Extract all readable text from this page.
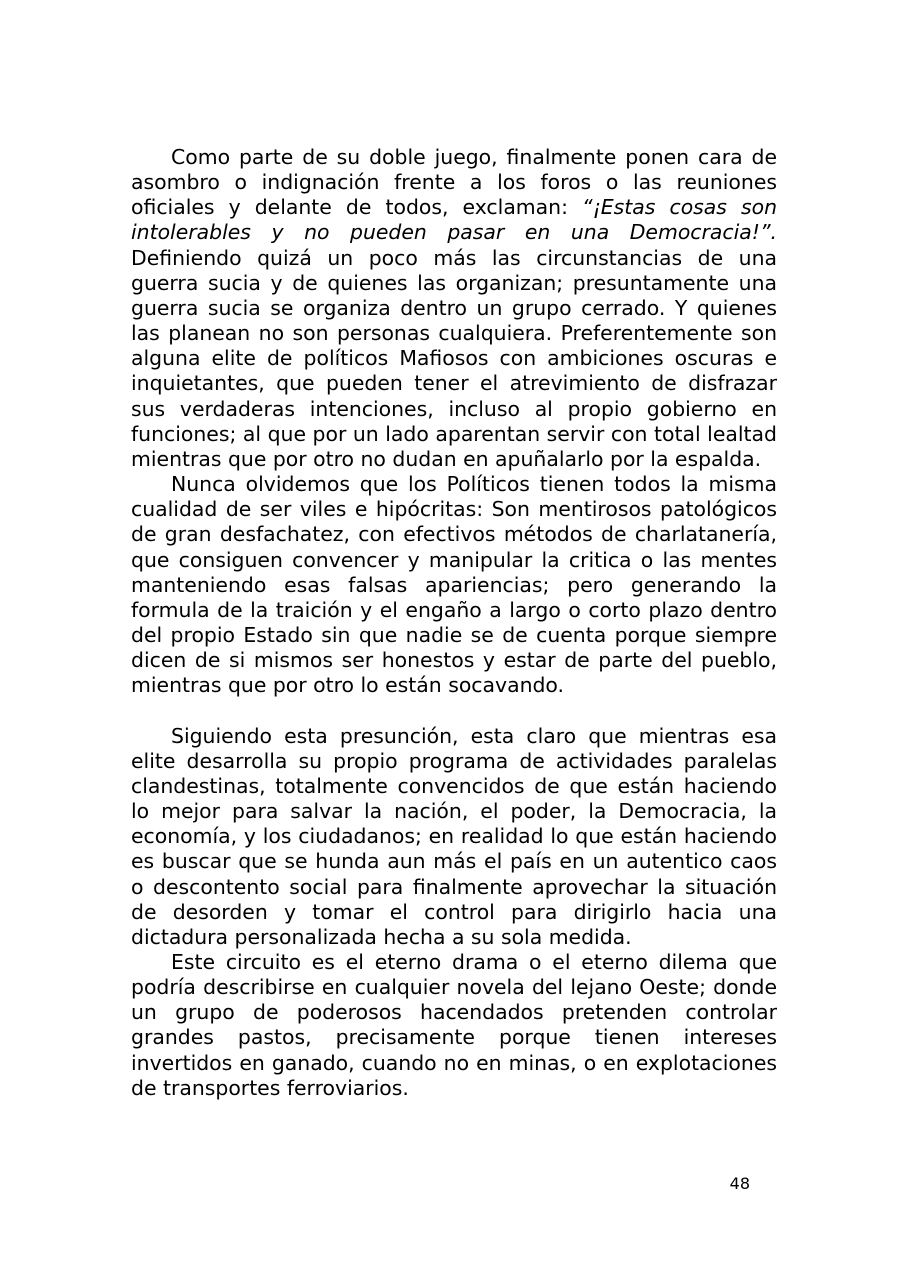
Como parte de su doble juego, finalmente ponen cara de asombro o indignación frente a los foros o las reuniones oficiales y delante de todos, exclaman: “¡Estas cosas son intolerables y no pueden pasar en una Democracia!”. Definiendo quizá un poco más las circunstancias de una guerra sucia y de quienes las organizan; presuntamente una guerra sucia se organiza dentro un grupo cerrado. Y quienes las planean no son personas cualquiera. Preferentemente son alguna elite de políticos Mafiosos con ambiciones oscuras e inquietantes, que pueden tener el atrevimiento de disfrazar sus verdaderas intenciones, incluso al propio gobierno en funciones; al que por un lado aparentan servir con total lealtad mientras que por otro no dudan en apuñalarlo por la espalda.

Nunca olvidemos que los Políticos tienen todos la misma cualidad de ser viles e hipócritas: Son mentirosos patológicos de gran desfachatez, con efectivos métodos de charlatanería, que consiguen convencer y manipular la critica o las mentes manteniendo esas falsas apariencias; pero generando la formula de la traición y el engaño a largo o corto plazo dentro del propio Estado sin que nadie se de cuenta porque siempre dicen de si mismos ser honestos y estar de parte del pueblo, mientras que por otro lo están socavando.

Siguiendo esta presunción, esta claro que mientras esa elite desarrolla su propio programa de actividades paralelas clandestinas, totalmente convencidos de que están haciendo lo mejor para salvar la nación, el poder, la Democracia, la economía, y los ciudadanos; en realidad lo que están haciendo es buscar que se hunda aun más el país en un autentico caos o descontento social para finalmente aprovechar la situación de desorden y tomar el control para dirigirlo hacia una dictadura personalizada hecha a su sola medida.

Este circuito es el eterno drama o el eterno dilema que podría describirse en cualquier novela del lejano Oeste; donde un grupo de poderosos hacendados pretenden controlar grandes pastos, precisamente porque tienen intereses invertidos en ganado, cuando no en minas, o en explotaciones de transportes ferroviarios.

48
